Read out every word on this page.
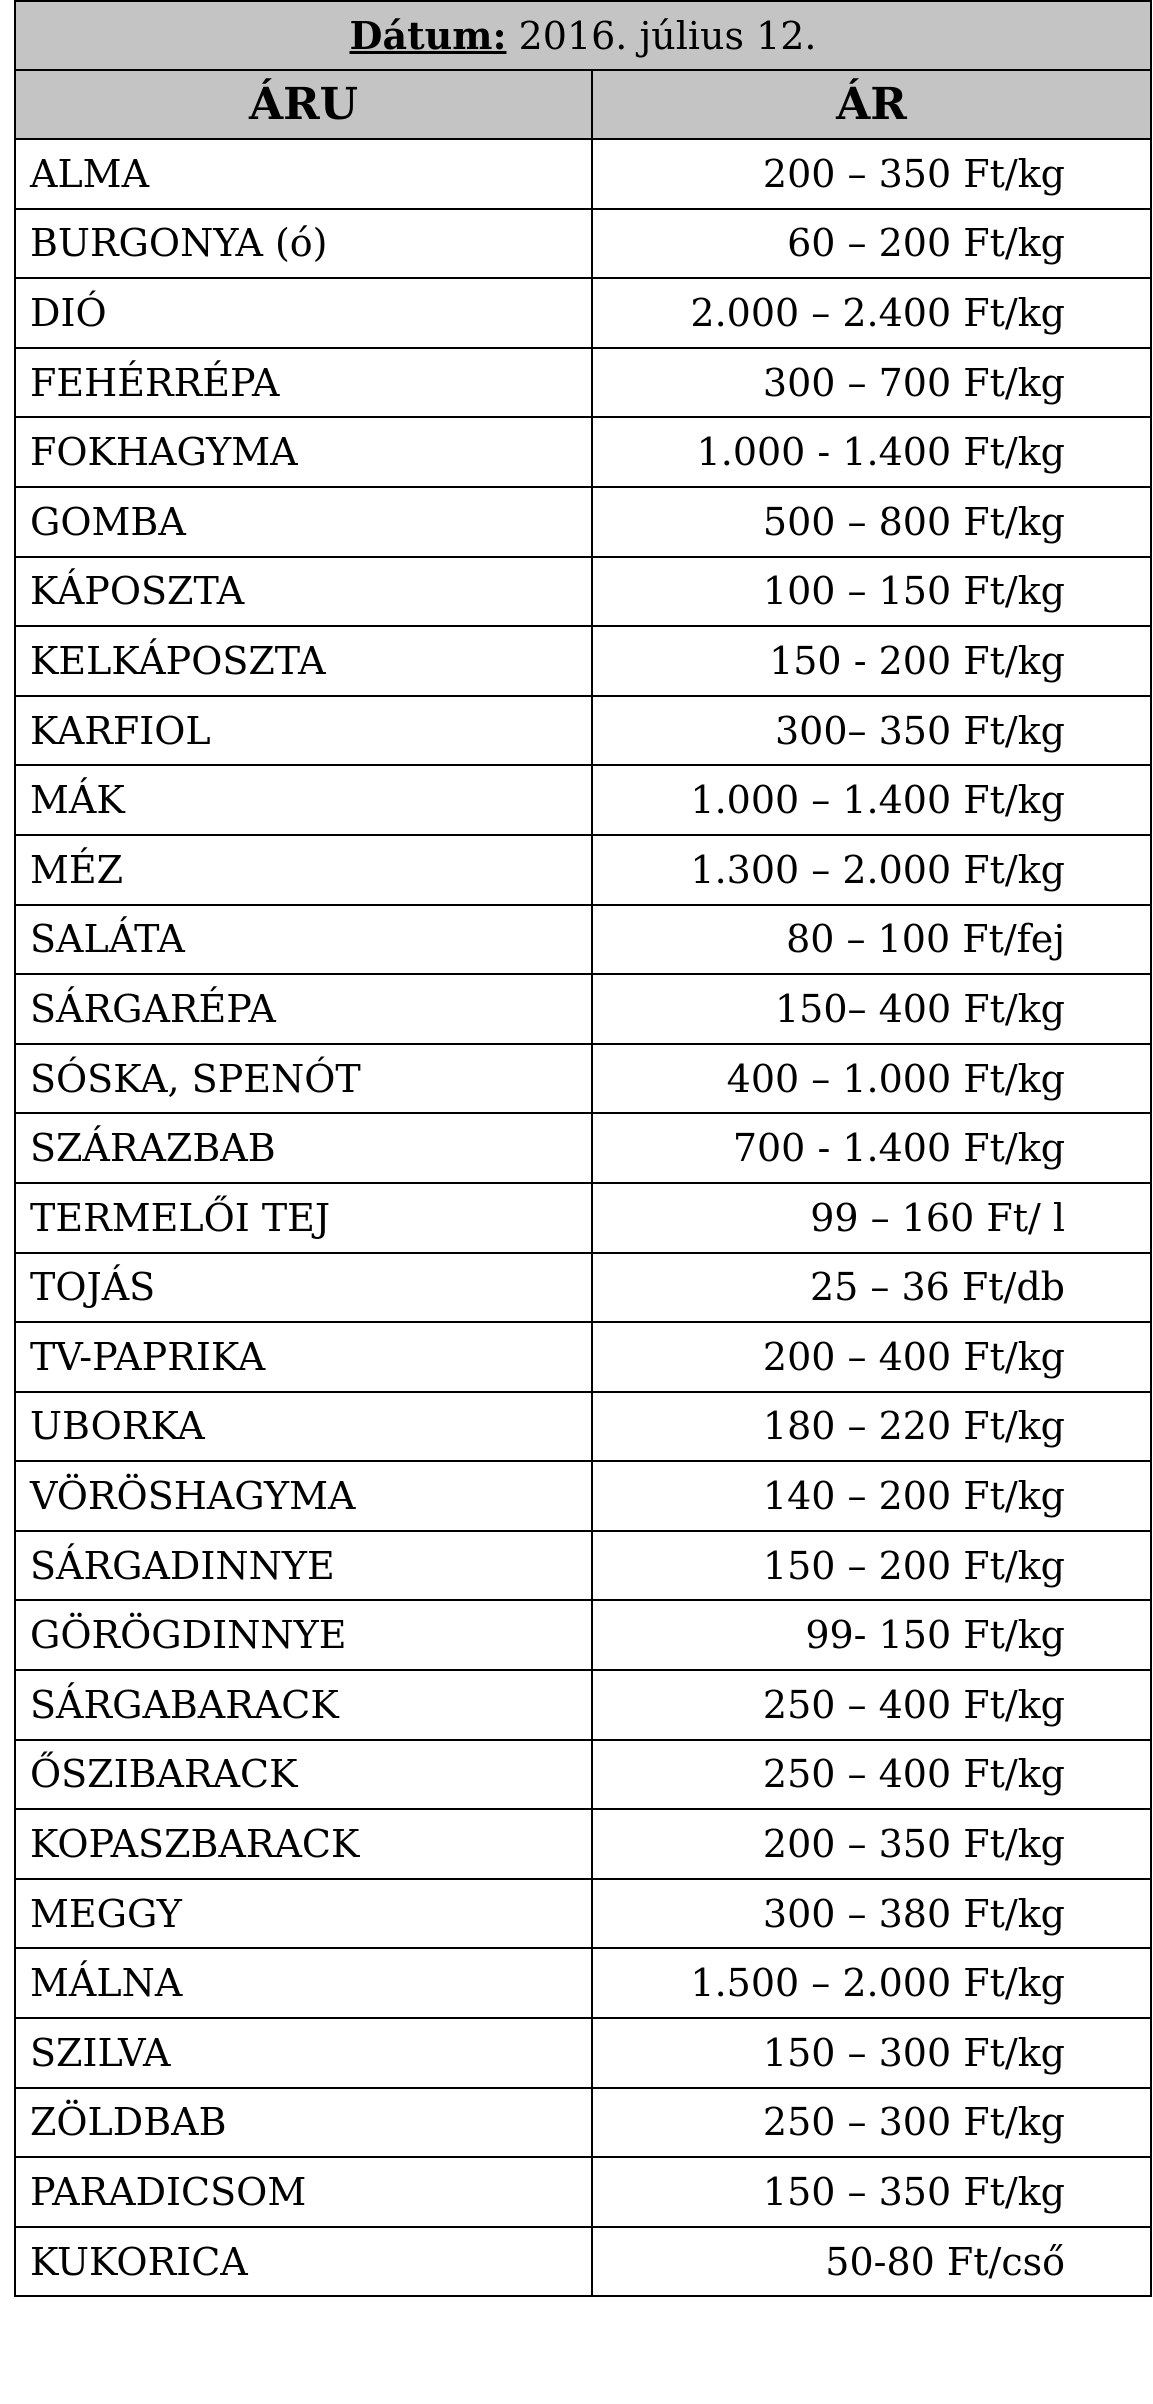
Dátum: 2016. július 12.	
ÁRU	ÁR
ALMA	200 – 350 Ft/kg
BURGONYA (ó)	60 – 200 Ft/kg
DIÓ	2.000 – 2.400 Ft/kg
FEHÉRRÉPA	300 – 700 Ft/kg
FOKHAGYMA	1.000 - 1.400 Ft/kg
GOMBA	500 – 800 Ft/kg
KÁPOSZTA	100 – 150 Ft/kg
KELKÁPOSZTA	150 - 200 Ft/kg
KARFIOL	300– 350 Ft/kg
MÁK	1.000 – 1.400 Ft/kg
MÉZ	1.300 – 2.000 Ft/kg
SALÁTA	80 – 100 Ft/fej
SÁRGARÉPA	150– 400 Ft/kg
SÓSKA, SPENÓT	400 – 1.000 Ft/kg
SZÁRAZBAB	700 - 1.400 Ft/kg
TERMELŐI TEJ	99 – 160 Ft/ l
TOJÁS	25 – 36 Ft/db
TV-PAPRIKA	200 – 400 Ft/kg
UBORKA	180 – 220 Ft/kg
VÖRÖSHAGYMA	140 – 200 Ft/kg
SÁRGADINNYE	150 – 200 Ft/kg
GÖRÖGDINNYE	99- 150 Ft/kg
SÁRGABARACK	250 – 400 Ft/kg
ŐSZIBARACK	250 – 400 Ft/kg
KOPASZBARACK	200 – 350 Ft/kg
MEGGY	300 – 380 Ft/kg
MÁLNA	1.500 – 2.000 Ft/kg
SZILVA	150 – 300 Ft/kg
ZÖLDBAB	250 – 300 Ft/kg
PARADICSOM	150 – 350 Ft/kg
KUKORICA	50-80 Ft/cső
